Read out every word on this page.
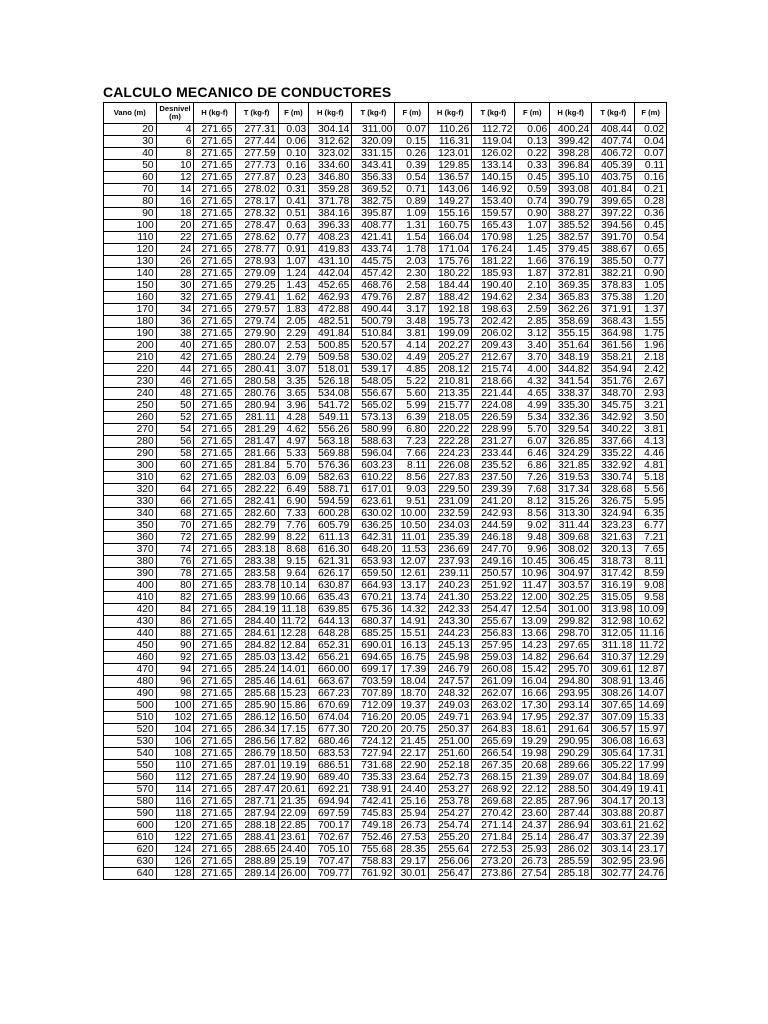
CALCULO MECANICO DE CONDUCTORES
Vano (m)	Desnivel (m)	H (kg-f)	T (kg-f)	F (m)	H (kg-f)	T (kg-f)	F (m)	H (kg-f)	T (kg-f)	F (m)	H (kg-f)	T (kg-f)	F (m)
20	4	271.65	277.31	0.03	304.14	311.00	0.07	110.26	112.72	0.06	400.24	408.44	0.02
30	6	271.65	277.44	0.06	312.62	320.09	0.15	116.31	119.04	0.13	399.42	407.74	0.04
40	8	271.65	277.59	0.10	323.02	331.15	0.26	123.01	126.02	0.22	398.28	406.72	0.07
50	10	271.65	277.73	0.16	334.60	343.41	0.39	129.85	133.14	0.33	396.84	405.39	0.11
60	12	271.65	277.87	0.23	346.80	356.33	0.54	136.57	140.15	0.45	395.10	403.75	0.16
70	14	271.65	278.02	0.31	359.28	369.52	0.71	143.06	146.92	0.59	393.08	401.84	0.21
80	16	271.65	278.17	0.41	371.78	382.75	0.89	149.27	153.40	0.74	390.79	399.65	0.28
90	18	271.65	278.32	0.51	384.16	395.87	1.09	155.16	159.57	0.90	388.27	397.22	0.36
100	20	271.65	278.47	0.63	396.33	408.77	1.31	160.75	165.43	1.07	385.52	394.56	0.45
110	22	271.65	278.62	0.77	408.23	421.41	1.54	166.04	170.98	1.25	382.57	391.70	0.54
120	24	271.65	278.77	0.91	419.83	433.74	1.78	171.04	176.24	1.45	379.45	388.67	0.65
130	26	271.65	278.93	1.07	431.10	445.75	2.03	175.76	181.22	1.66	376.19	385.50	0.77
140	28	271.65	279.09	1.24	442.04	457.42	2.30	180.22	185.93	1.87	372.81	382.21	0.90
150	30	271.65	279.25	1.43	452.65	468.76	2.58	184.44	190.40	2.10	369.35	378.83	1.05
160	32	271.65	279.41	1.62	462.93	479.76	2.87	188.42	194.62	2.34	365.83	375.38	1.20
170	34	271.65	279.57	1.83	472.88	490.44	3.17	192.18	198.63	2.59	362.26	371.91	1.37
180	36	271.65	279.74	2.05	482.51	500.79	3.48	195.73	202.42	2.85	358.69	368.43	1.55
190	38	271.65	279.90	2.29	491.84	510.84	3.81	199.09	206.02	3.12	355.15	364.98	1.75
200	40	271.65	280.07	2.53	500.85	520.57	4.14	202.27	209.43	3.40	351.64	361.56	1.96
210	42	271.65	280.24	2.79	509.58	530.02	4.49	205.27	212.67	3.70	348.19	358.21	2.18
220	44	271.65	280.41	3.07	518.01	539.17	4.85	208.12	215.74	4.00	344.82	354.94	2.42
230	46	271.65	280.58	3.35	526.18	548.05	5.22	210.81	218.66	4.32	341.54	351.76	2.67
240	48	271.65	280.76	3.65	534.08	556.67	5.60	213.35	221.44	4.65	338.37	348.70	2.93
250	50	271.65	280.94	3.96	541.72	565.02	5.99	215.77	224.08	4.99	335.30	345.75	3.21
260	52	271.65	281.11	4.28	549.11	573.13	6.39	218.05	226.59	5.34	332.36	342.92	3.50
270	54	271.65	281.29	4.62	556.26	580.99	6.80	220.22	228.99	5.70	329.54	340.22	3.81
280	56	271.65	281.47	4.97	563.18	588.63	7.23	222.28	231.27	6.07	326.85	337.66	4.13
290	58	271.65	281.66	5.33	569.88	596.04	7.66	224.23	233.44	6.46	324.29	335.22	4.46
300	60	271.65	281.84	5.70	576.36	603.23	8.11	226.08	235.52	6.86	321.85	332.92	4.81
310	62	271.65	282.03	6.09	582.63	610.22	8.56	227.83	237.50	7.26	319.53	330.74	5.18
320	64	271.65	282.22	6.49	588.71	617.01	9.03	229.50	239.39	7.68	317.34	328.68	5.56
330	66	271.65	282.41	6.90	594.59	623.61	9.51	231.09	241.20	8.12	315.26	326.75	5.95
340	68	271.65	282.60	7.33	600.28	630.02	10.00	232.59	242.93	8.56	313.30	324.94	6.35
350	70	271.65	282.79	7.76	605.79	636.25	10.50	234.03	244.59	9.02	311.44	323.23	6.77
360	72	271.65	282.99	8.22	611.13	642.31	11.01	235.39	246.18	9.48	309.68	321.63	7.21
370	74	271.65	283.18	8.68	616.30	648.20	11.53	236.69	247.70	9.96	308.02	320.13	7.65
380	76	271.65	283.38	9.15	621.31	653.93	12.07	237.93	249.16	10.45	306.45	318.73	8.11
390	78	271.65	283.58	9.64	626.17	659.50	12.61	239.11	250.57	10.96	304.97	317.42	8.59
400	80	271.65	283.78	10.14	630.87	664.93	13.17	240.23	251.92	11.47	303.57	316.19	9.08
410	82	271.65	283.99	10.66	635.43	670.21	13.74	241.30	253.22	12.00	302.25	315.05	9.58
420	84	271.65	284.19	11.18	639.85	675.36	14.32	242.33	254.47	12.54	301.00	313.98	10.09
430	86	271.65	284.40	11.72	644.13	680.37	14.91	243.30	255.67	13.09	299.82	312.98	10.62
440	88	271.65	284.61	12.28	648.28	685.25	15.51	244.23	256.83	13.66	298.70	312.05	11.16
450	90	271.65	284.82	12.84	652.31	690.01	16.13	245.13	257.95	14.23	297.65	311.18	11.72
460	92	271.65	285.03	13.42	656.21	694.65	16.75	245.98	259.03	14.82	296.64	310.37	12.29
470	94	271.65	285.24	14.01	660.00	699.17	17.39	246.79	260.08	15.42	295.70	309.61	12.87
480	96	271.65	285.46	14.61	663.67	703.59	18.04	247.57	261.09	16.04	294.80	308.91	13.46
490	98	271.65	285.68	15.23	667.23	707.89	18.70	248.32	262.07	16.66	293.95	308.26	14.07
500	100	271.65	285.90	15.86	670.69	712.09	19.37	249.03	263.02	17.30	293.14	307.65	14.69
510	102	271.65	286.12	16.50	674.04	716.20	20.05	249.71	263.94	17.95	292.37	307.09	15.33
520	104	271.65	286.34	17.15	677.30	720.20	20.75	250.37	264.83	18.61	291.64	306.57	15.97
530	106	271.65	286.56	17.82	680.46	724.12	21.45	251.00	265.69	19.29	290.95	306.08	16.63
540	108	271.65	286.79	18.50	683.53	727.94	22.17	251.60	266.54	19.98	290.29	305.64	17.31
550	110	271.65	287.01	19.19	686.51	731.68	22.90	252.18	267.35	20.68	289.66	305.22	17.99
560	112	271.65	287.24	19.90	689.40	735.33	23.64	252.73	268.15	21.39	289.07	304.84	18.69
570	114	271.65	287.47	20.61	692.21	738.91	24.40	253.27	268.92	22.12	288.50	304.49	19.41
580	116	271.65	287.71	21.35	694.94	742.41	25.16	253.78	269.68	22.85	287.96	304.17	20.13
590	118	271.65	287.94	22.09	697.59	745.83	25.94	254.27	270.42	23.60	287.44	303.88	20.87
600	120	271.65	288.18	22.85	700.17	749.18	26.73	254.74	271.14	24.37	286.94	303.61	21.62
610	122	271.65	288.41	23.61	702.67	752.46	27.53	255.20	271.84	25.14	286.47	303.37	22.39
620	124	271.65	288.65	24.40	705.10	755.68	28.35	255.64	272.53	25.93	286.02	303.14	23.17
630	126	271.65	288.89	25.19	707.47	758.83	29.17	256.06	273.20	26.73	285.59	302.95	23.96
640	128	271.65	289.14	26.00	709.77	761.92	30.01	256.47	273.86	27.54	285.18	302.77	24.76
